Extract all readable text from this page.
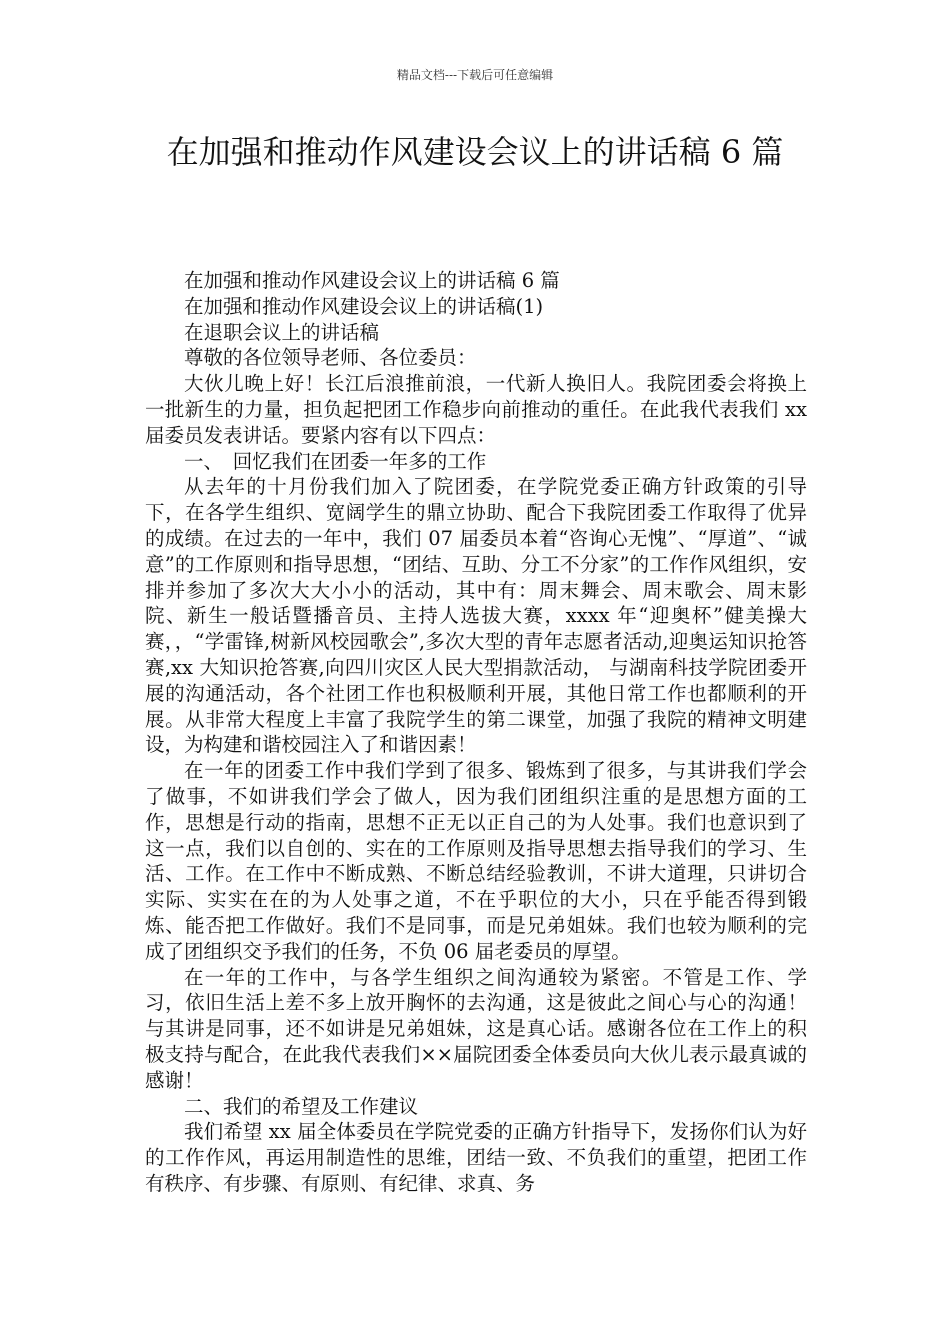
精品文档---下载后可任意编辑
在加强和推动作风建设会议上的讲话稿 6 篇

在加强和推动作风建设会议上的讲话稿 6 篇

在加强和推动作风建设会议上的讲话稿(1)

在退职会议上的讲话稿

尊敬的各位领导老师、各位委员：

大伙儿晚上好！长江后浪推前浪，一代新人换旧人。我院团委会将换上一批新生的力量，担负起把团工作稳步向前推动的重任。在此我代表我们 xx 届委员发表讲话。要紧内容有以下四点：

一、　回忆我们在团委一年多的工作

从去年的十月份我们加入了院团委，在学院党委正确方针政策的引导下，在各学生组织、宽阔学生的鼎立协助、配合下我院团委工作取得了优异的成绩。在过去的一年中，我们 07 届委员本着“咨询心无愧”、“厚道”、“诚意”的工作原则和指导思想，“团结、互助、分工不分家”的工作作风组织，安排并参加了多次大大小小的活动，其中有：周末舞会、周末歌会、周末影院、新生一般话暨播音员、主持人选拔大赛，xxxx 年“迎奥杯”健美操大赛，，“学雷锋,树新风校园歌会”,多次大型的青年志愿者活动,迎奥运知识抢答赛,xx 大知识抢答赛,向四川灾区人民大型捐款活动， 与湖南科技学院团委开展的沟通活动，各个社团工作也积极顺利开展，其他日常工作也都顺利的开展。从非常大程度上丰富了我院学生的第二课堂，加强了我院的精神文明建设，为构建和谐校园注入了和谐因素！

在一年的团委工作中我们学到了很多、锻炼到了很多，与其讲我们学会了做事，不如讲我们学会了做人，因为我们团组织注重的是思想方面的工作，思想是行动的指南，思想不正无以正自己的为人处事。我们也意识到了这一点，我们以自创的、实在的工作原则及指导思想去指导我们的学习、生活、工作。在工作中不断成熟、不断总结经验教训，不讲大道理，只讲切合实际、实实在在的为人处事之道，不在乎职位的大小，只在乎能否得到锻炼、能否把工作做好。我们不是同事，而是兄弟姐妹。我们也较为顺利的完成了团组织交予我们的任务，不负 06 届老委员的厚望。

在一年的工作中，与各学生组织之间沟通较为紧密。不管是工作、学习，依旧生活上差不多上放开胸怀的去沟通，这是彼此之间心与心的沟通！与其讲是同事，还不如讲是兄弟姐妹，这是真心话。感谢各位在工作上的积极支持与配合，在此我代表我们××届院团委全体委员向大伙儿表示最真诚的感谢！

二、我们的希望及工作建议

我们希望 xx 届全体委员在学院党委的正确方针指导下，发扬你们认为好的工作作风，再运用制造性的思维，团结一致、不负我们的重望，把团工作有秩序、有步骤、有原则、有纪律、求真、务
